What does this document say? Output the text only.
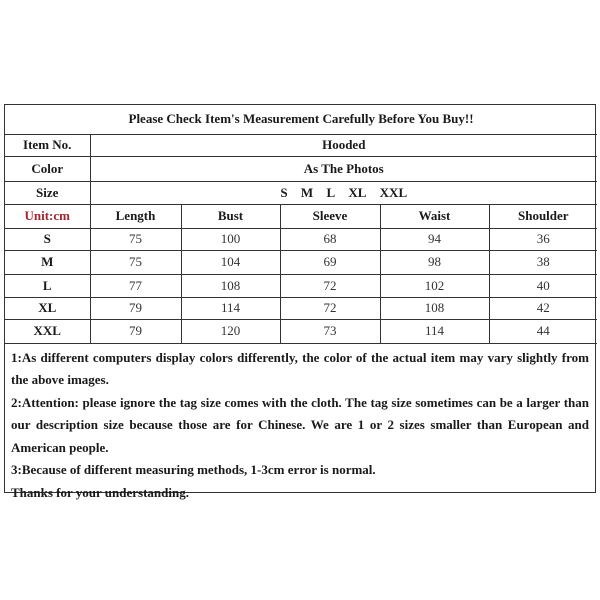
Please Check Item's Measurement Carefully Before You Buy!!					
Item No.	Hooded				
Color	As The Photos				
Size	S M L XL XXL				
Unit:cm	Length	Bust	Sleeve	Waist	Shoulder
S	75	100	68	94	36
M	75	104	69	98	38
L	77	108	72	102	40
XL	79	114	72	108	42
XXL	79	120	73	114	44

1:As different computers display colors differently, the color of the actual item may vary slightly from the above images.

2:Attention: please ignore the tag size comes with the cloth. The tag size sometimes can be a larger than our description size because those are for Chinese. We are 1 or 2 sizes smaller than European and American people.

3:Because of different measuring methods, 1-3cm error is normal.

Thanks for your understanding.
